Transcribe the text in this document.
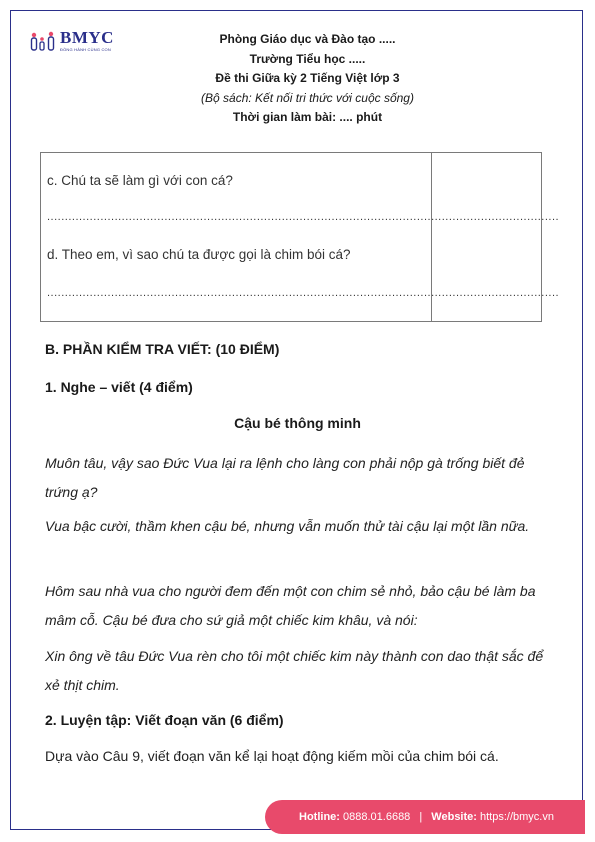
BMYC
ĐỒNG HÀNH CÙNG CON
Phòng Giáo dục và Đào tạo .....
Trường Tiểu học .....
Đề thi Giữa kỳ 2 Tiếng Việt lớp 3
(Bộ sách: Kết nối tri thức với cuộc sống)
Thời gian làm bài: .... phút
c. Chú ta sẽ làm gì với con cá?
................................................................................................................................................
d. Theo em, vì sao chú ta được gọi là chim bói cá?
................................................................................................................................................
B. PHẦN KIỂM TRA VIẾT: (10 ĐIỂM)
1. Nghe – viết (4 điểm)
Cậu bé thông minh
Muôn tâu, vậy sao Đức Vua lại ra lệnh cho làng con phải nộp gà trống biết đẻ trứng ạ?
Vua bậc cười, thầm khen cậu bé, nhưng vẫn muốn thử tài cậu lại một lần nữa.
Hôm sau nhà vua cho người đem đến một con chim sẻ nhỏ, bảo cậu bé làm ba mâm cỗ. Cậu bé đưa cho sứ giả một chiếc kim khâu, và nói:
Xin ông về tâu Đức Vua rèn cho tôi một chiếc kim này thành con dao thật sắc để xẻ thịt chim.
2. Luyện tập: Viết đoạn văn (6 điểm)
Dựa vào Câu 9, viết đoạn văn kể lại hoạt động kiếm mồi của chim bói cá.
Hotline: 0888.01.6688 | Website: https://bmyc.vn
